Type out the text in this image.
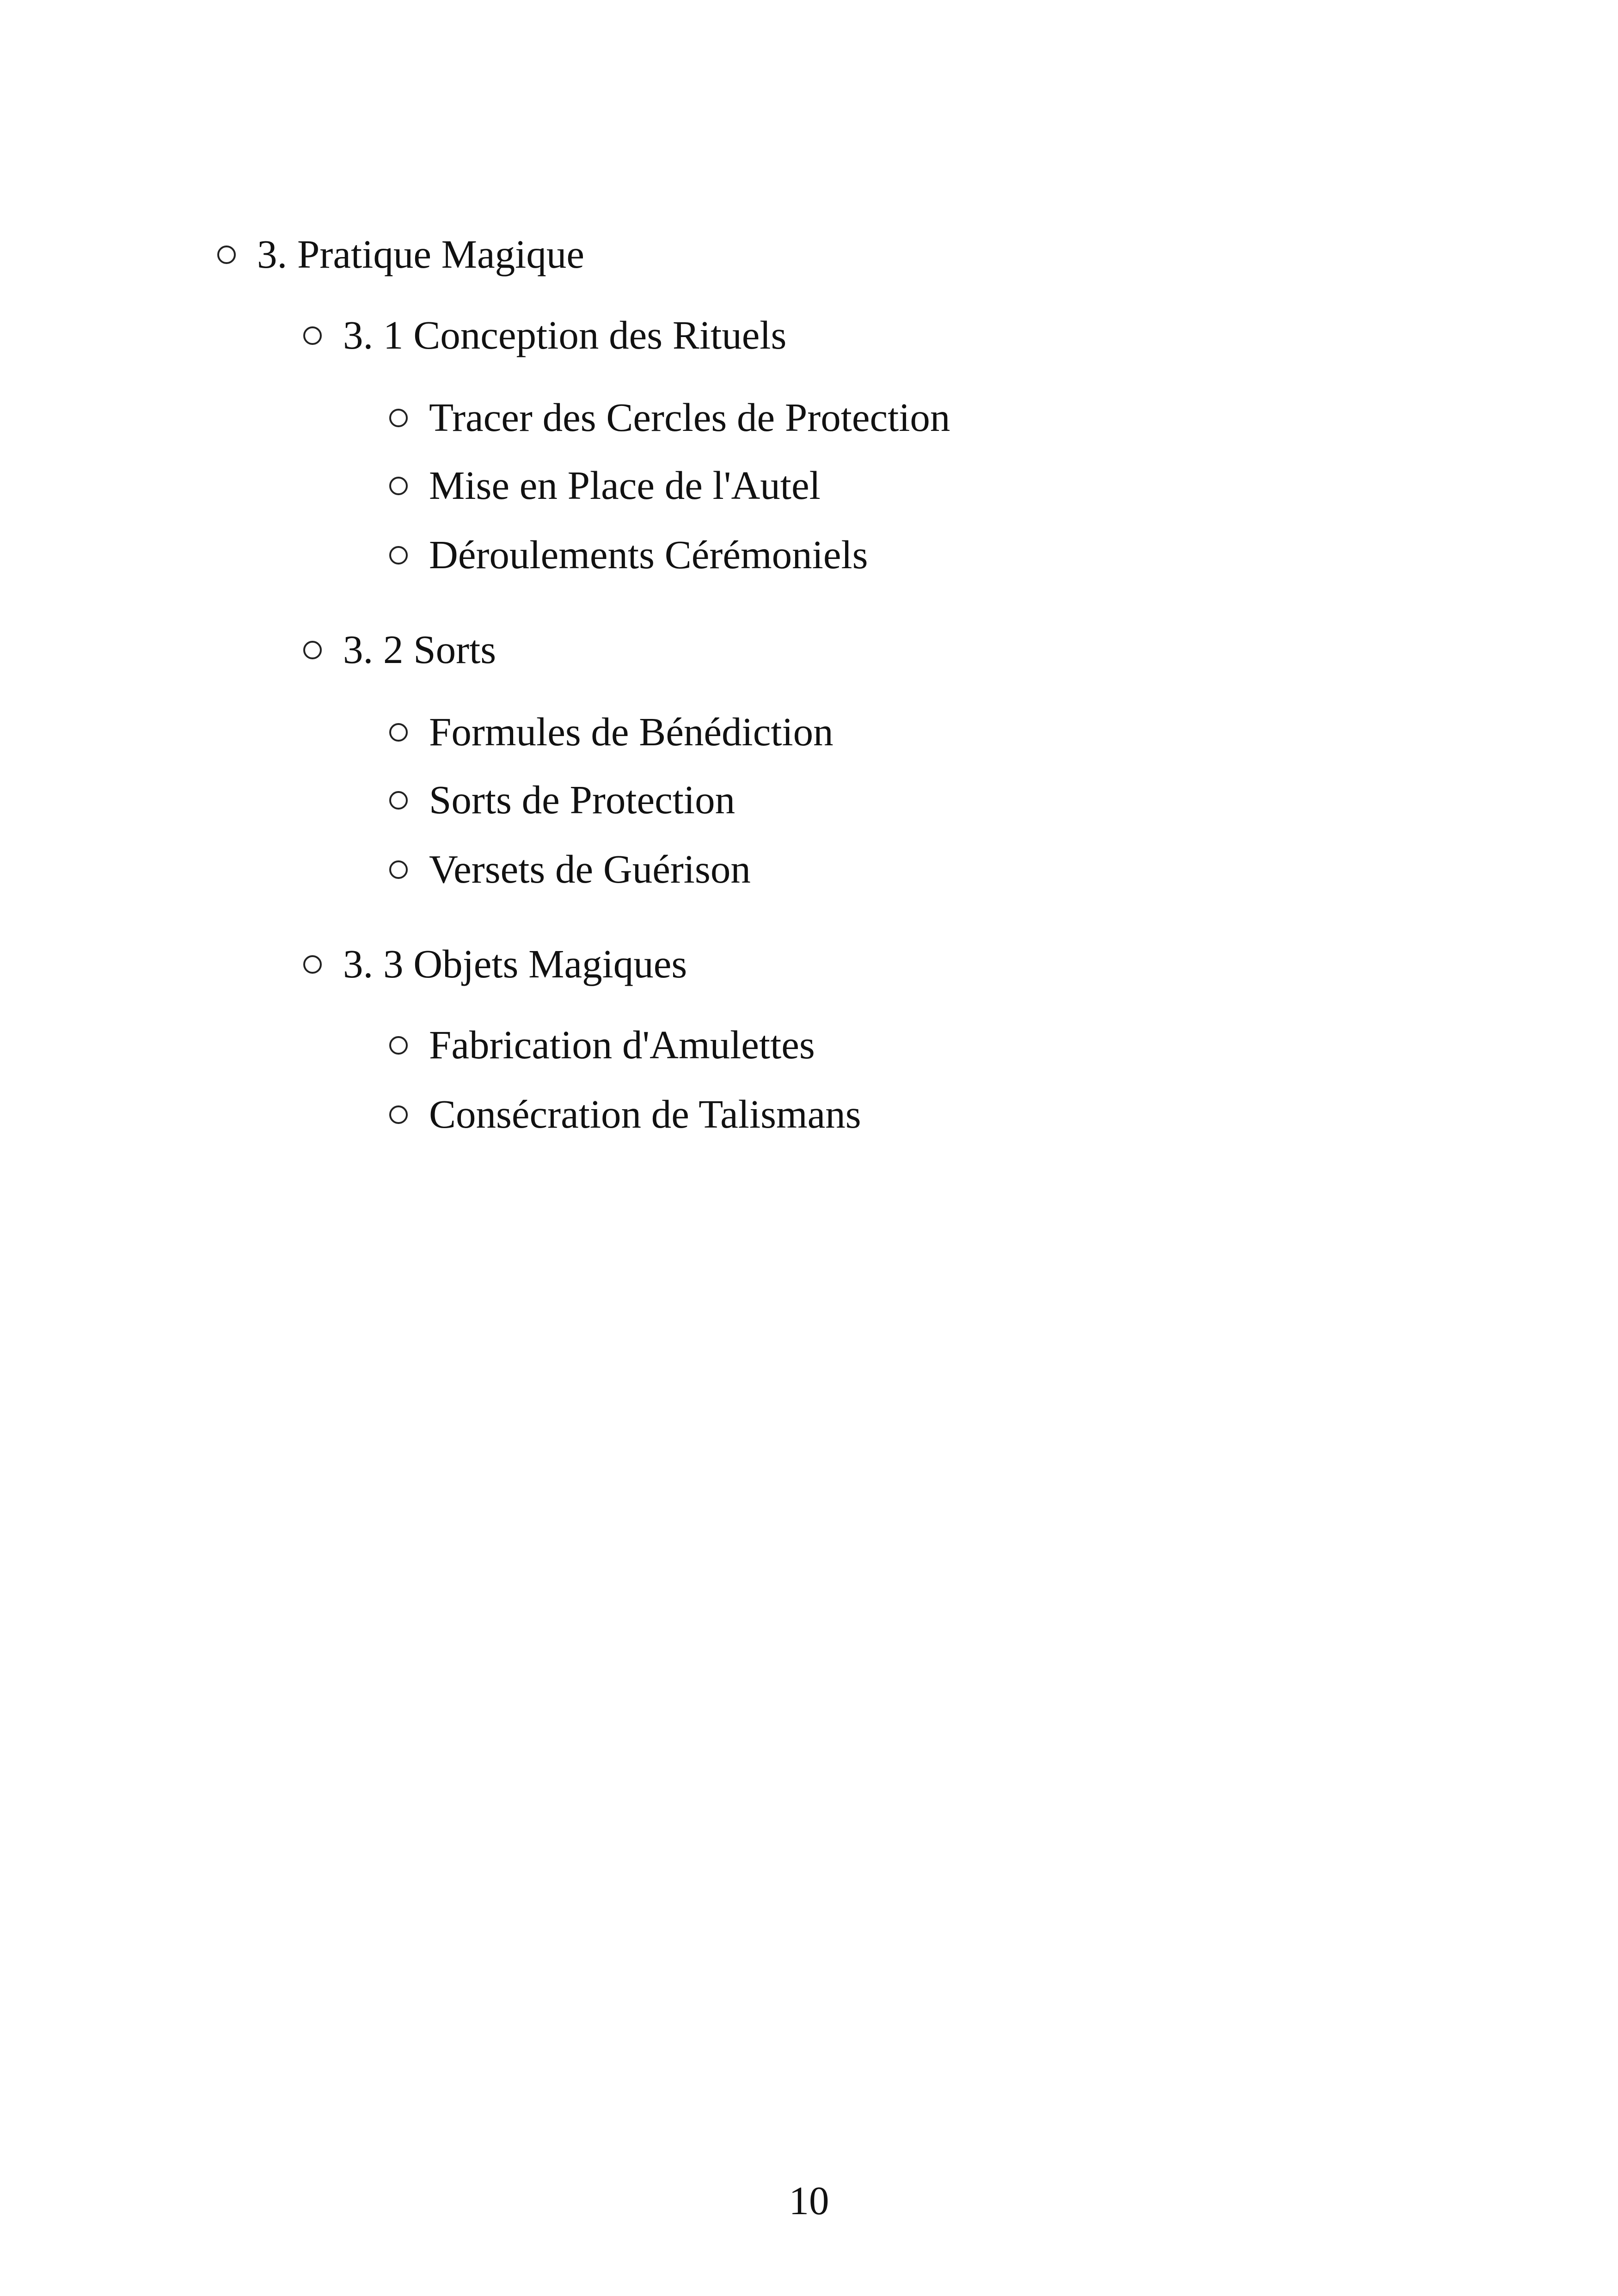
3. Pratique Magique
3. 1 Conception des Rituels
Tracer des Cercles de Protection
Mise en Place de l'Autel
Déroulements Cérémoniels
3. 2 Sorts
Formules de Bénédiction
Sorts de Protection
Versets de Guérison
3. 3 Objets Magiques
Fabrication d'Amulettes
Consécration de Talismans
10
